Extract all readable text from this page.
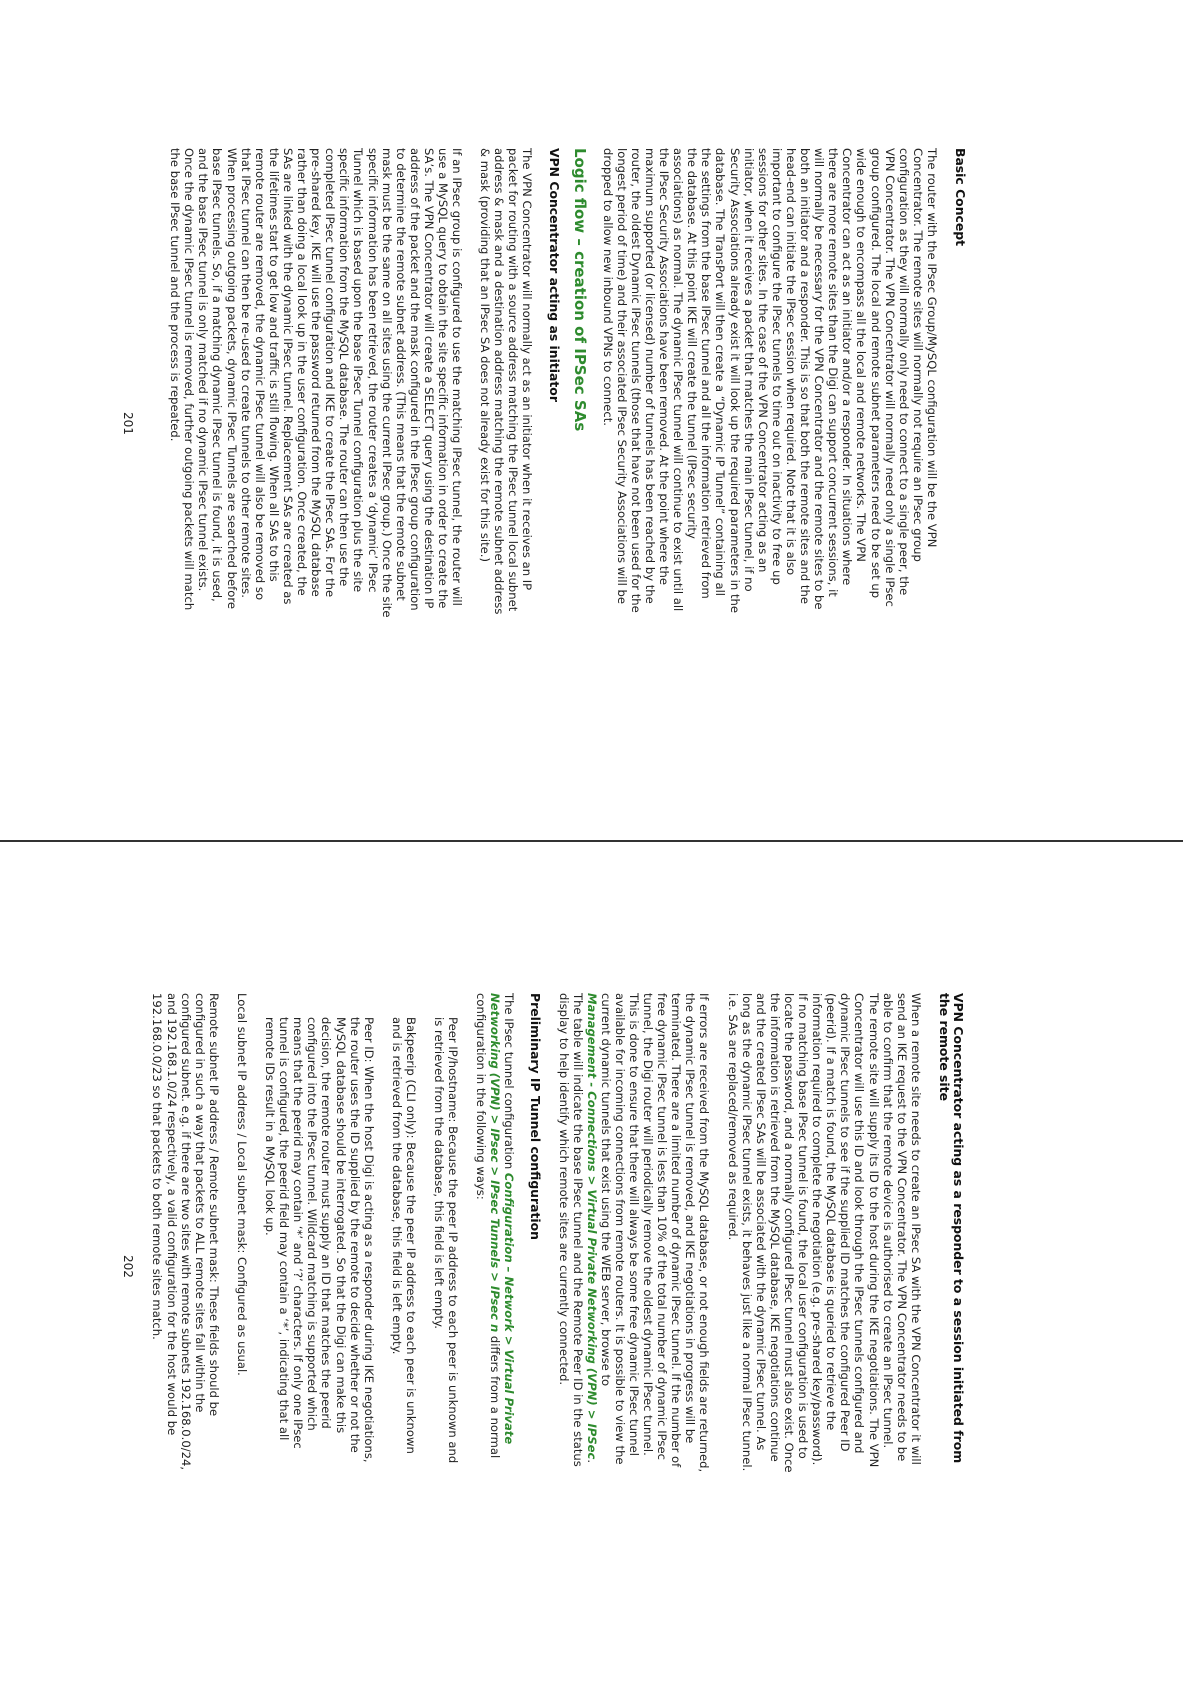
Basic Concept

The router with the IPsec Group/MySQL configuration will be the VPN Concentrator. The remote sites will normally not require an IPsec group configuration as they will normally only need to connect to a single peer, the VPN Concentrator. The VPN Concentrator will normally need only a single IPsec group configured. The local and remote subnet parameters need to be set up wide enough to encompass all the local and remote networks. The VPN Concentrator can act as an initiator and/or a responder. In situations where there are more remote sites than the Digi can support concurrent sessions, it will normally be necessary for the VPN Concentrator and the remote sites to be both an initiator and a responder. This is so that both the remote sites and the head-end can initiate the IPsec session when required. Note that it is also important to configure the IPsec tunnels to time out on inactivity to free up sessions for other sites. In the case of the VPN Concentrator acting as an initiator, when it receives a packet that matches the main IPsec tunnel, if no Security Associations already exist it will look up the required parameters in the database. The TransPort will then create a “Dynamic IP Tunnel” containing all the settings from the base IPsec tunnel and all the information retrieved from the database. At this point IKE will create the tunnel (IPsec security associations) as normal. The dynamic IPsec tunnel will continue to exist until all the IPsec Security Associations have been removed. At the point where the maximum supported (or licensed) number of tunnels has been reached by the router, the oldest Dynamic IPsec tunnels (those that have not been used for the longest period of time) and their associated IPsec Security Associations will be dropped to allow new inbound VPNs to connect.

Logic flow – creation of IPSec SAs
VPN Concentrator acting as initiator

The VPN Concentrator will normally act as an initiator when it receives an IP packet for routing with a source address matching the IPsec tunnel local subnet address & mask and a destination address matching the remote subnet address & mask (providing that an IPsec SA does not already exist for this site.)

If an IPsec group is configured to use the matching IPsec tunnel, the router will use a MySQL query to obtain the site specific information in order to create the SA’s. The VPN Concentrator will create a SELECT query using the destination IP address of the packet and the mask configured in the IPsec group configuration to determine the remote subnet address. (This means that the remote subnet mask must be the same on all sites using the current IPsec group.) Once the site specific information has been retrieved, the router creates a ‘dynamic’ IPsec Tunnel which is based upon the base IPsec Tunnel configuration plus the site specific information from the MySQL database. The router can then use the completed IPsec tunnel configuration and IKE to create the IPsec SAs. For the pre-shared key, IKE will use the password returned from the MySQL database rather than doing a local look up in the user configuration. Once created, the SAs are linked with the dynamic IPsec tunnel. Replacement SAs are created as the lifetimes start to get low and traffic is still flowing. When all SAs to this remote router are removed, the dynamic IPsec tunnel will also be removed so that IPsec tunnel can then be re-used to create tunnels to other remote sites. When processing outgoing packets, dynamic IPsec Tunnels are searched before base IPsec tunnels. So, if a matching dynamic IPsec tunnel is found, it is used, and the base IPsec tunnel is only matched if no dynamic IPsec tunnel exists. Once the dynamic IPsec tunnel is removed, further outgoing packets will match the base IPsec tunnel and the process is repeated.

201
VPN Concentrator acting as a responder to a session initiated from the remote site

When a remote site needs to create an IPsec SA with the VPN Concentrator it will send an IKE request to the VPN Concentrator. The VPN Concentrator needs to be able to confirm that the remote device is authorised to create an IPsec tunnel. The remote site will supply its ID to the host during the IKE negotiations. The VPN Concentrator will use this ID and look through the IPsec tunnels configured and dynamic IPsec tunnels to see if the supplied ID matches the configured Peer ID (peerid). If a match is found, the MySQL database is queried to retrieve the information required to complete the negotiation (e.g. pre-shared key/password). If no matching base IPsec tunnel is found, the local user configuration is used to locate the password, and a normally configured IPsec tunnel must also exist. Once the information is retrieved from the MySQL database, IKE negotiations continue and the created IPsec SAs will be associated with the dynamic IPsec tunnel. As long as the dynamic IPsec tunnel exists, it behaves just like a normal IPsec tunnel. i.e. SAs are replaced/removed as required.

If errors are received from the MySQL database, or not enough fields are returned, the dynamic IPsec tunnel is removed, and IKE negotiations in progress will be terminated. There are a limited number of dynamic IPsec tunnel. If the number of free dynamic IPsec tunnel is less than 10% of the total number of dynamic IPsec tunnel, the Digi router will periodically remove the oldest dynamic IPsec tunnel. This is done to ensure that there will always be some free dynamic IPsec tunnel available for incoming connections from remote routers. It is possible to view the current dynamic tunnels that exist using the WEB server, browse to Management - Connections > Virtual Private Networking (VPN) > IPSec. The table will indicate the base IPsec tunnel and the Remote Peer ID in the status display to help identify which remote sites are currently connected.

Preliminary IP Tunnel configuration

The IPsec tunnel configuration Configuration – Network > Virtual Private Networking (VPN) > IPsec > IPsec Tunnels > IPsec n differs from a normal configuration in the following ways:

Peer IP/hostname: Because the peer IP address to each peer is unknown and is retrieved from the database, this field is left empty.

Bakpeerip (CLI only): Because the peer IP address to each peer is unknown and is retrieved from the database, this field is left empty.

Peer ID: When the host Digi is acting as a responder during IKE negotiations, the router uses the ID supplied by the remote to decide whether or not the MySQL database should be interrogated. So that the Digi can make this decision, the remote router must supply an ID that matches the peerid configured into the IPsec tunnel. Wildcard matching is supported which means that the peerid may contain ‘*’ and ‘?’ characters. If only one IPsec tunnel is configured, the peerid field may contain a ‘*’, indicating that all remote IDs result in a MySQL look up.

Local subnet IP address / Local subnet mask: Configured as usual.

Remote subnet IP address / Remote subnet mask: These fields should be configured in such a way that packets to ALL remote sites fall within the configured subnet. e.g. if there are two sites with remote subnets 192.168.0.0/24, and 192.168.1.0/24 respectively, a valid configuration for the host would be 192.168.0.0/23 so that packets to both remote sites match.

202
